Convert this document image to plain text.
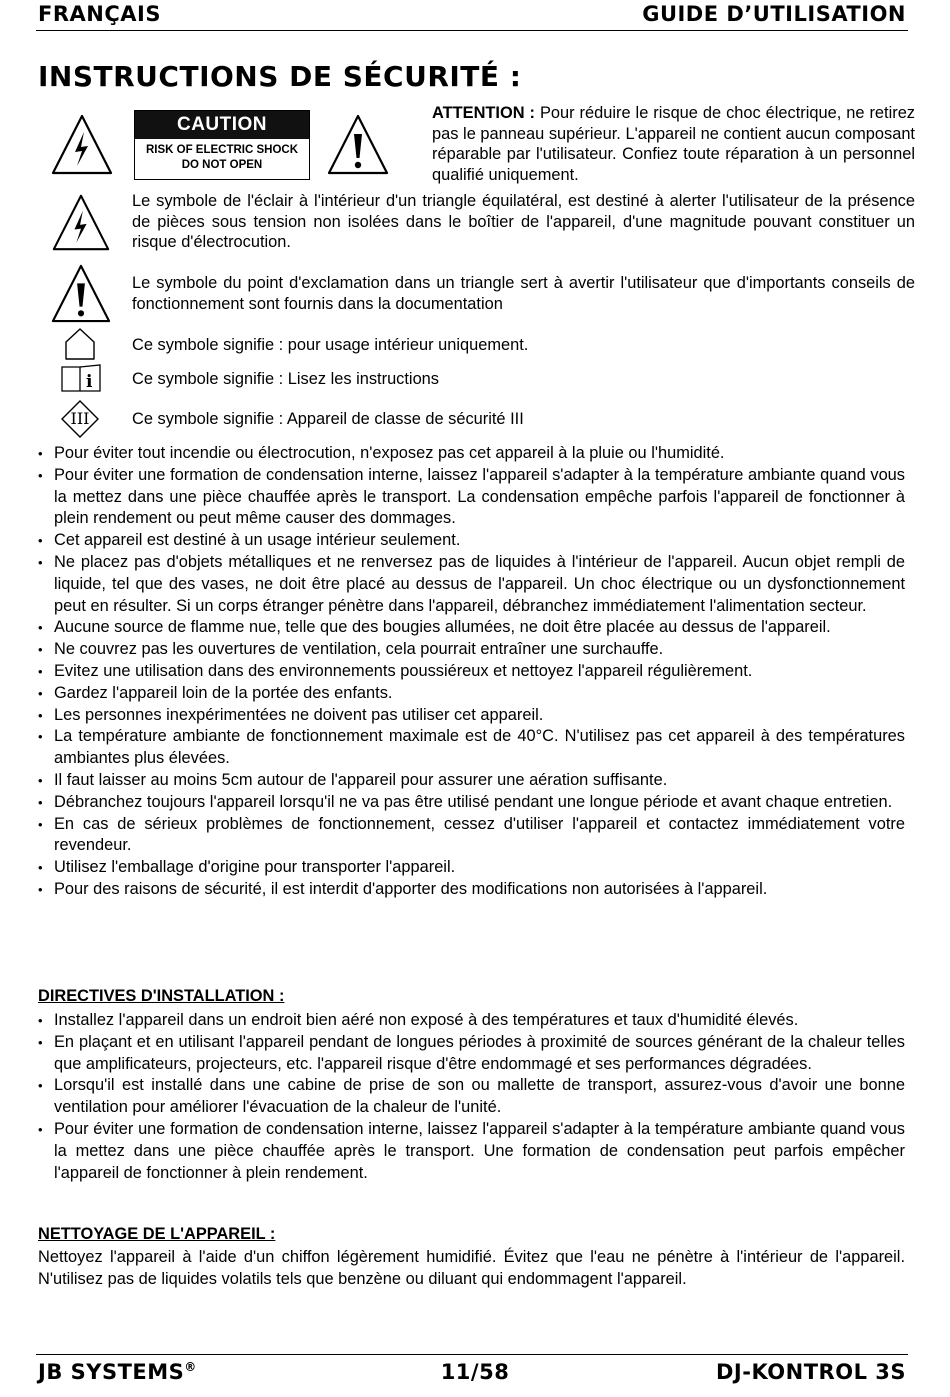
FRANÇAIS	GUIDE D’UTILISATION
INSTRUCTIONS DE SÉCURITÉ :
CAUTION
RISK OF ELECTRIC SHOCK
DO NOT OPEN
ATTENTION : Pour réduire le risque de choc électrique, ne retirez pas le panneau supérieur. L'appareil ne contient aucun composant réparable par l'utilisateur. Confiez toute réparation à un personnel qualifié uniquement.
Le symbole de l'éclair à l'intérieur d'un triangle équilatéral, est destiné à alerter l'utilisateur de la présence de pièces sous tension non isolées dans le boîtier de l'appareil, d'une magnitude pouvant constituer un risque d'électrocution.
Le symbole du point d'exclamation dans un triangle sert à avertir l'utilisateur que d'importants conseils de fonctionnement sont fournis dans la documentation
Ce symbole signifie : pour usage intérieur uniquement.
i Ce symbole signifie : Lisez les instructions
III	Ce symbole signifie : Appareil de classe de sécurité III
• Pour éviter tout incendie ou électrocution, n'exposez pas cet appareil à la pluie ou l'humidité.
• Pour éviter une formation de condensation interne, laissez l'appareil s'adapter à la température ambiante quand vous la mettez dans une pièce chauffée après le transport. La condensation empêche parfois l'appareil de fonctionner à plein rendement ou peut même causer des dommages.
• Cet appareil est destiné à un usage intérieur seulement.
• Ne placez pas d'objets métalliques et ne renversez pas de liquides à l'intérieur de l'appareil. Aucun objet rempli de liquide, tel que des vases, ne doit être placé au dessus de l'appareil. Un choc électrique ou un dysfonctionnement peut en résulter. Si un corps étranger pénètre dans l'appareil, débranchez immédiatement l'alimentation secteur.
• Aucune source de flamme nue, telle que des bougies allumées, ne doit être placée au dessus de l'appareil.
• Ne couvrez pas les ouvertures de ventilation, cela pourrait entraîner une surchauffe.
• Evitez une utilisation dans des environnements poussiéreux et nettoyez l'appareil régulièrement.
• Gardez l'appareil loin de la portée des enfants.
• Les personnes inexpérimentées ne doivent pas utiliser cet appareil.
• La température ambiante de fonctionnement maximale est de 40°C. N'utilisez pas cet appareil à des températures ambiantes plus élevées.
• Il faut laisser au moins 5cm autour de l'appareil pour assurer une aération suffisante.
• Débranchez toujours l'appareil lorsqu'il ne va pas être utilisé pendant une longue période et avant chaque entretien.
• En cas de sérieux problèmes de fonctionnement, cessez d'utiliser l'appareil et contactez immédiatement votre revendeur.
• Utilisez l'emballage d'origine pour transporter l'appareil.
• Pour des raisons de sécurité, il est interdit d'apporter des modifications non autorisées à l'appareil.
DIRECTIVES D'INSTALLATION :
• Installez l'appareil dans un endroit bien aéré non exposé à des températures et taux d'humidité élevés.
• En plaçant et en utilisant l'appareil pendant de longues périodes à proximité de sources générant de la chaleur telles que amplificateurs, projecteurs, etc. l'appareil risque d'être endommagé et ses performances dégradées.
• Lorsqu'il est installé dans une cabine de prise de son ou mallette de transport, assurez-vous d'avoir une bonne ventilation pour améliorer l'évacuation de la chaleur de l'unité.
• Pour éviter une formation de condensation interne, laissez l'appareil s'adapter à la température ambiante quand vous la mettez dans une pièce chauffée après le transport. Une formation de condensation peut parfois empêcher l'appareil de fonctionner à plein rendement.
NETTOYAGE DE L'APPAREIL :
Nettoyez l'appareil à l'aide d'un chiffon légèrement humidifié. Évitez que l'eau ne pénètre à l'intérieur de l'appareil. N'utilisez pas de liquides volatils tels que benzène ou diluant qui endommagent l'appareil.
JB SYSTEMS®	11/58	DJ-KONTROL 3S
